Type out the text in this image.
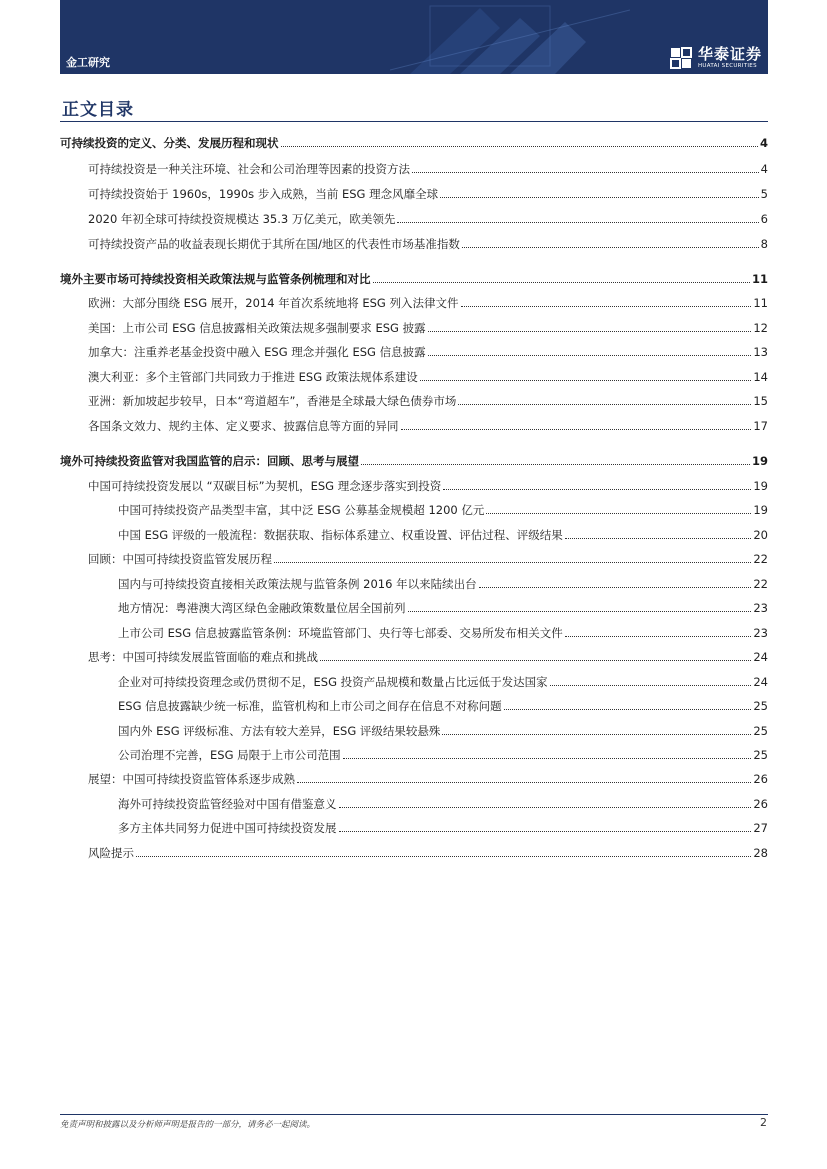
金工研究	华泰证券
HUATAI SECURITIES
正文目录
可持续投资的定义、分类、发展历程和现状	4
可持续投资是一种关注环境、社会和公司治理等因素的投资方法	4
可持续投资始于 1960s，1990s 步入成熟，当前 ESG 理念风靡全球	5
2020 年初全球可持续投资规模达 35.3 万亿美元，欧美领先	6
可持续投资产品的收益表现长期优于其所在国/地区的代表性市场基准指数	8
境外主要市场可持续投资相关政策法规与监管条例梳理和对比	11
欧洲：大部分围绕 ESG 展开，2014 年首次系统地将 ESG 列入法律文件	11
美国：上市公司 ESG 信息披露相关政策法规多强制要求 ESG 披露	12
加拿大：注重养老基金投资中融入 ESG 理念并强化 ESG 信息披露	13
澳大利亚：多个主管部门共同致力于推进 ESG 政策法规体系建设	14
亚洲：新加坡起步较早，日本“弯道超车”，香港是全球最大绿色债券市场	15
各国条文效力、规约主体、定义要求、披露信息等方面的异同	17
境外可持续投资监管对我国监管的启示：回顾、思考与展望	19
中国可持续投资发展以 “双碳目标”为契机，ESG 理念逐步落实到投资	19
中国可持续投资产品类型丰富，其中泛 ESG 公募基金规模超 1200 亿元	19
中国 ESG 评级的一般流程：数据获取、指标体系建立、权重设置、评估过程、评级结果	20
回顾：中国可持续投资监管发展历程	22
国内与可持续投资直接相关政策法规与监管条例 2016 年以来陆续出台	22
地方情况：粤港澳大湾区绿色金融政策数量位居全国前列	23
上市公司 ESG 信息披露监管条例：环境监管部门、央行等七部委、交易所发布相关文件	23
思考：中国可持续发展监管面临的难点和挑战	24
企业对可持续投资理念或仍贯彻不足，ESG 投资产品规模和数量占比远低于发达国家	24
ESG 信息披露缺少统一标准，监管机构和上市公司之间存在信息不对称问题	25
国内外 ESG 评级标准、方法有较大差异，ESG 评级结果较悬殊	25
公司治理不完善，ESG 局限于上市公司范围	25
展望：中国可持续投资监管体系逐步成熟	26
海外可持续投资监管经验对中国有借鉴意义	26
多方主体共同努力促进中国可持续投资发展	27
风险提示	28
免责声明和披露以及分析师声明是报告的一部分，请务必一起阅读。	2
